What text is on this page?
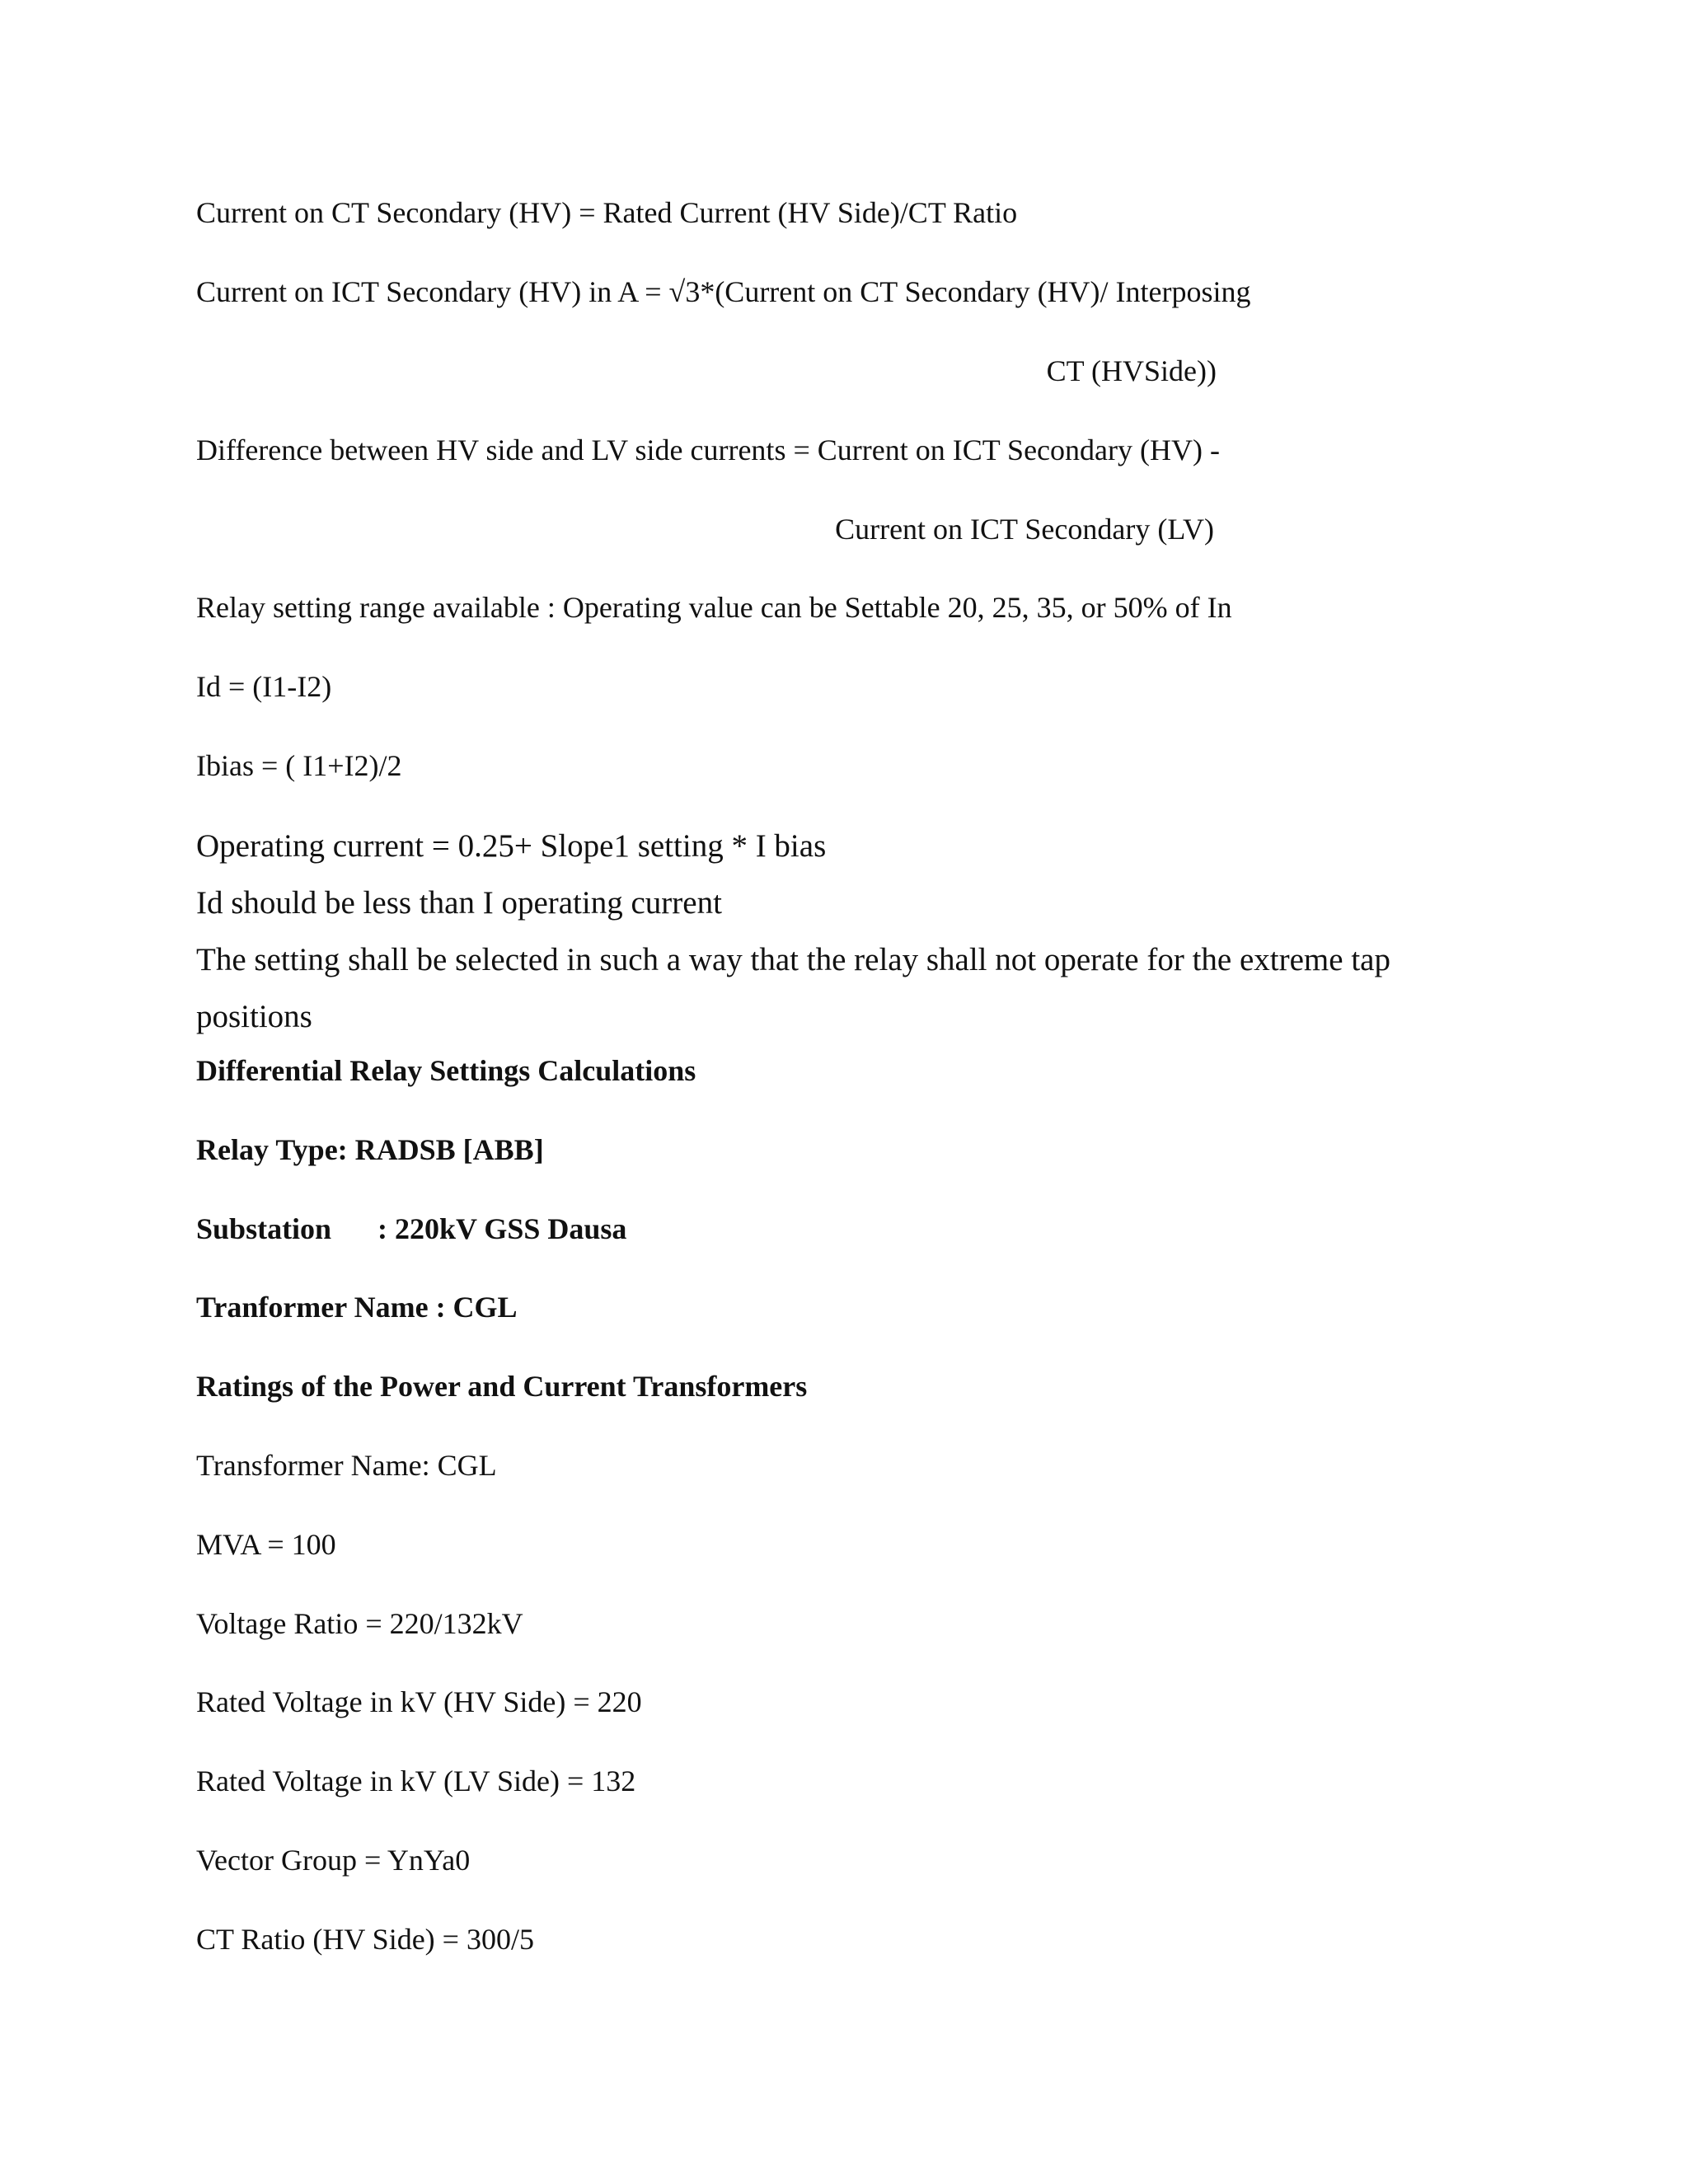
Current on CT Secondary (HV) = Rated Current (HV Side)/CT Ratio
Current on ICT Secondary (HV) in A = √3*(Current on CT Secondary (HV)/ Interposing
CT (HVSide))
Difference between HV side and LV side currents = Current on ICT Secondary (HV) -
Current on ICT Secondary (LV)
Relay setting range available : Operating value can be Settable 20, 25, 35, or 50% of In
Id = (I1-I2)
Ibias = ( I1+I2)/2
Operating current = 0.25+ Slope1 setting * I bias
Id should be less than I operating current
The setting shall be selected in such a way that the relay shall not operate for the extreme tap
positions
Differential Relay Settings Calculations
Relay Type: RADSB [ABB]
Substation : 220kV GSS Dausa
Tranformer Name : CGL
Ratings of the Power and Current Transformers
Transformer Name: CGL
MVA = 100
Voltage Ratio = 220/132kV
Rated Voltage in kV (HV Side) = 220
Rated Voltage in kV (LV Side) = 132
Vector Group = YnYa0
CT Ratio (HV Side) = 300/5
